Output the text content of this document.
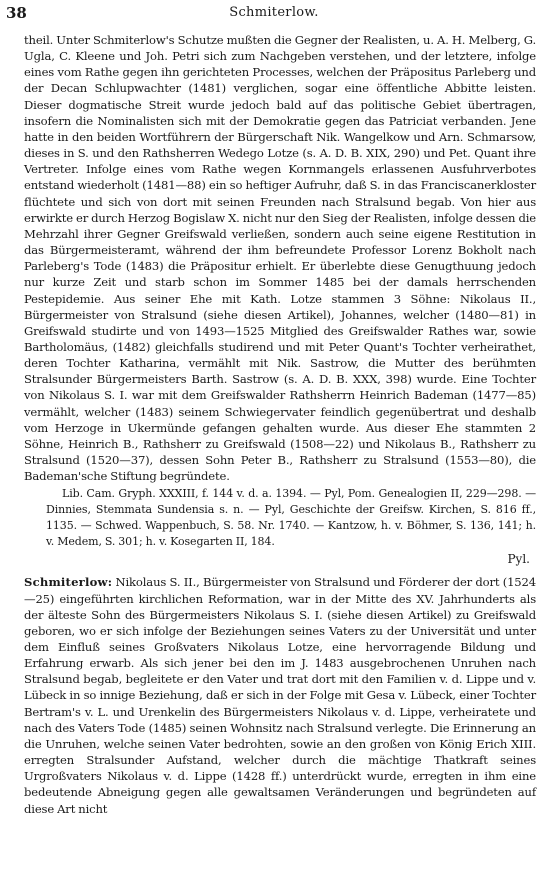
38	Schmiterlow.

theil. Unter Schmiterlow's Schutze mußten die Gegner der Realisten, u. A. H. Melberg, G. Ugla, C. Kleene und Joh. Petri sich zum Nachgeben verstehen, und der letztere, infolge eines vom Rathe gegen ihn gerichteten Processes, welchen der Präpositus Parleberg und der Decan Schlupwachter (1481) verglichen, sogar eine öffentliche Abbitte leisten. Dieser dogmatische Streit wurde jedoch bald auf das politische Gebiet übertragen, insofern die Nominalisten sich mit der Demokratie gegen das Patriciat verbanden. Jene hatte in den beiden Wortführern der Bürgerschaft Nik. Wangelkow und Arn. Schmarsow, dieses in S. und den Rathsherren Wedego Lotze (s. A. D. B. XIX, 290) und Pet. Quant ihre Vertreter. Infolge eines vom Rathe wegen Kornmangels erlassenen Ausfuhrverbotes entstand wiederholt (1481—88) ein so heftiger Aufruhr, daß S. in das Franciscanerkloster flüchtete und sich von dort mit seinen Freunden nach Stralsund begab. Von hier aus erwirkte er durch Herzog Bogislaw X. nicht nur den Sieg der Realisten, infolge dessen die Mehrzahl ihrer Gegner Greifswald verließen, sondern auch seine eigene Restitution in das Bürgermeisteramt, während der ihm befreundete Professor Lorenz Bokholt nach Parleberg's Tode (1483) die Präpositur erhielt. Er überlebte diese Genugthuung jedoch nur kurze Zeit und starb schon im Sommer 1485 bei der damals herrschenden Pestepidemie. Aus seiner Ehe mit Kath. Lotze stammen 3 Söhne: Nikolaus II., Bürgermeister von Stralsund (siehe diesen Artikel), Johannes, welcher (1480—81) in Greifswald studirte und von 1493—1525 Mitglied des Greifswalder Rathes war, sowie Bartholomäus, (1482) gleichfalls studirend und mit Peter Quant's Tochter verheirathet, deren Tochter Katharina, vermählt mit Nik. Sastrow, die Mutter des berühmten Stralsunder Bürgermeisters Barth. Sastrow (s. A. D. B. XXX, 398) wurde. Eine Tochter von Nikolaus S. I. war mit dem Greifswalder Rathsherrn Heinrich Bademan (1477—85) vermählt, welcher (1483) seinem Schwiegervater feindlich gegenübertrat und deshalb vom Herzoge in Ukermünde gefangen gehalten wurde. Aus dieser Ehe stammten 2 Söhne, Heinrich B., Rathsherr zu Greifswald (1508—22) und Nikolaus B., Rathsherr zu Stralsund (1520—37), dessen Sohn Peter B., Rathsherr zu Stralsund (1553—80), die Bademan'sche Stiftung begründete.

Lib. Cam. Gryph. XXXIII, f. 144 v. d. a. 1394. — Pyl, Pom. Genealogien II, 229—298. — Dinnies, Stemmata Sundensia s. n. — Pyl, Geschichte der Greifsw. Kirchen, S. 816 ff., 1135. — Schwed. Wappenbuch, S. 58. Nr. 1740. — Kantzow, h. v. Böhmer, S. 136, 141; h. v. Medem, S. 301; h. v. Kosegarten II, 184.

Pyl.

Schmiterlow: Nikolaus S. II., Bürgermeister von Stralsund und Förderer der dort (1524—25) eingeführten kirchlichen Reformation, war in der Mitte des XV. Jahrhunderts als der älteste Sohn des Bürgermeisters Nikolaus S. I. (siehe diesen Artikel) zu Greifswald geboren, wo er sich infolge der Beziehungen seines Vaters zu der Universität und unter dem Einfluß seines Großvaters Nikolaus Lotze, eine hervorragende Bildung und Erfahrung erwarb. Als sich jener bei den im J. 1483 ausgebrochenen Unruhen nach Stralsund begab, begleitete er den Vater und trat dort mit den Familien v. d. Lippe und v. Lübeck in so innige Beziehung, daß er sich in der Folge mit Gesa v. Lübeck, einer Tochter Bertram's v. L. und Urenkelin des Bürgermeisters Nikolaus v. d. Lippe, verheiratete und nach des Vaters Tode (1485) seinen Wohnsitz nach Stralsund verlegte. Die Erinnerung an die Unruhen, welche seinen Vater bedrohten, sowie an den großen von König Erich XIII. erregten Stralsunder Aufstand, welcher durch die mächtige Thatkraft seines Urgroßvaters Nikolaus v. d. Lippe (1428 ff.) unterdrückt wurde, erregten in ihm eine bedeutende Abneigung gegen alle gewaltsamen Veränderungen und begründeten auf diese Art nicht
